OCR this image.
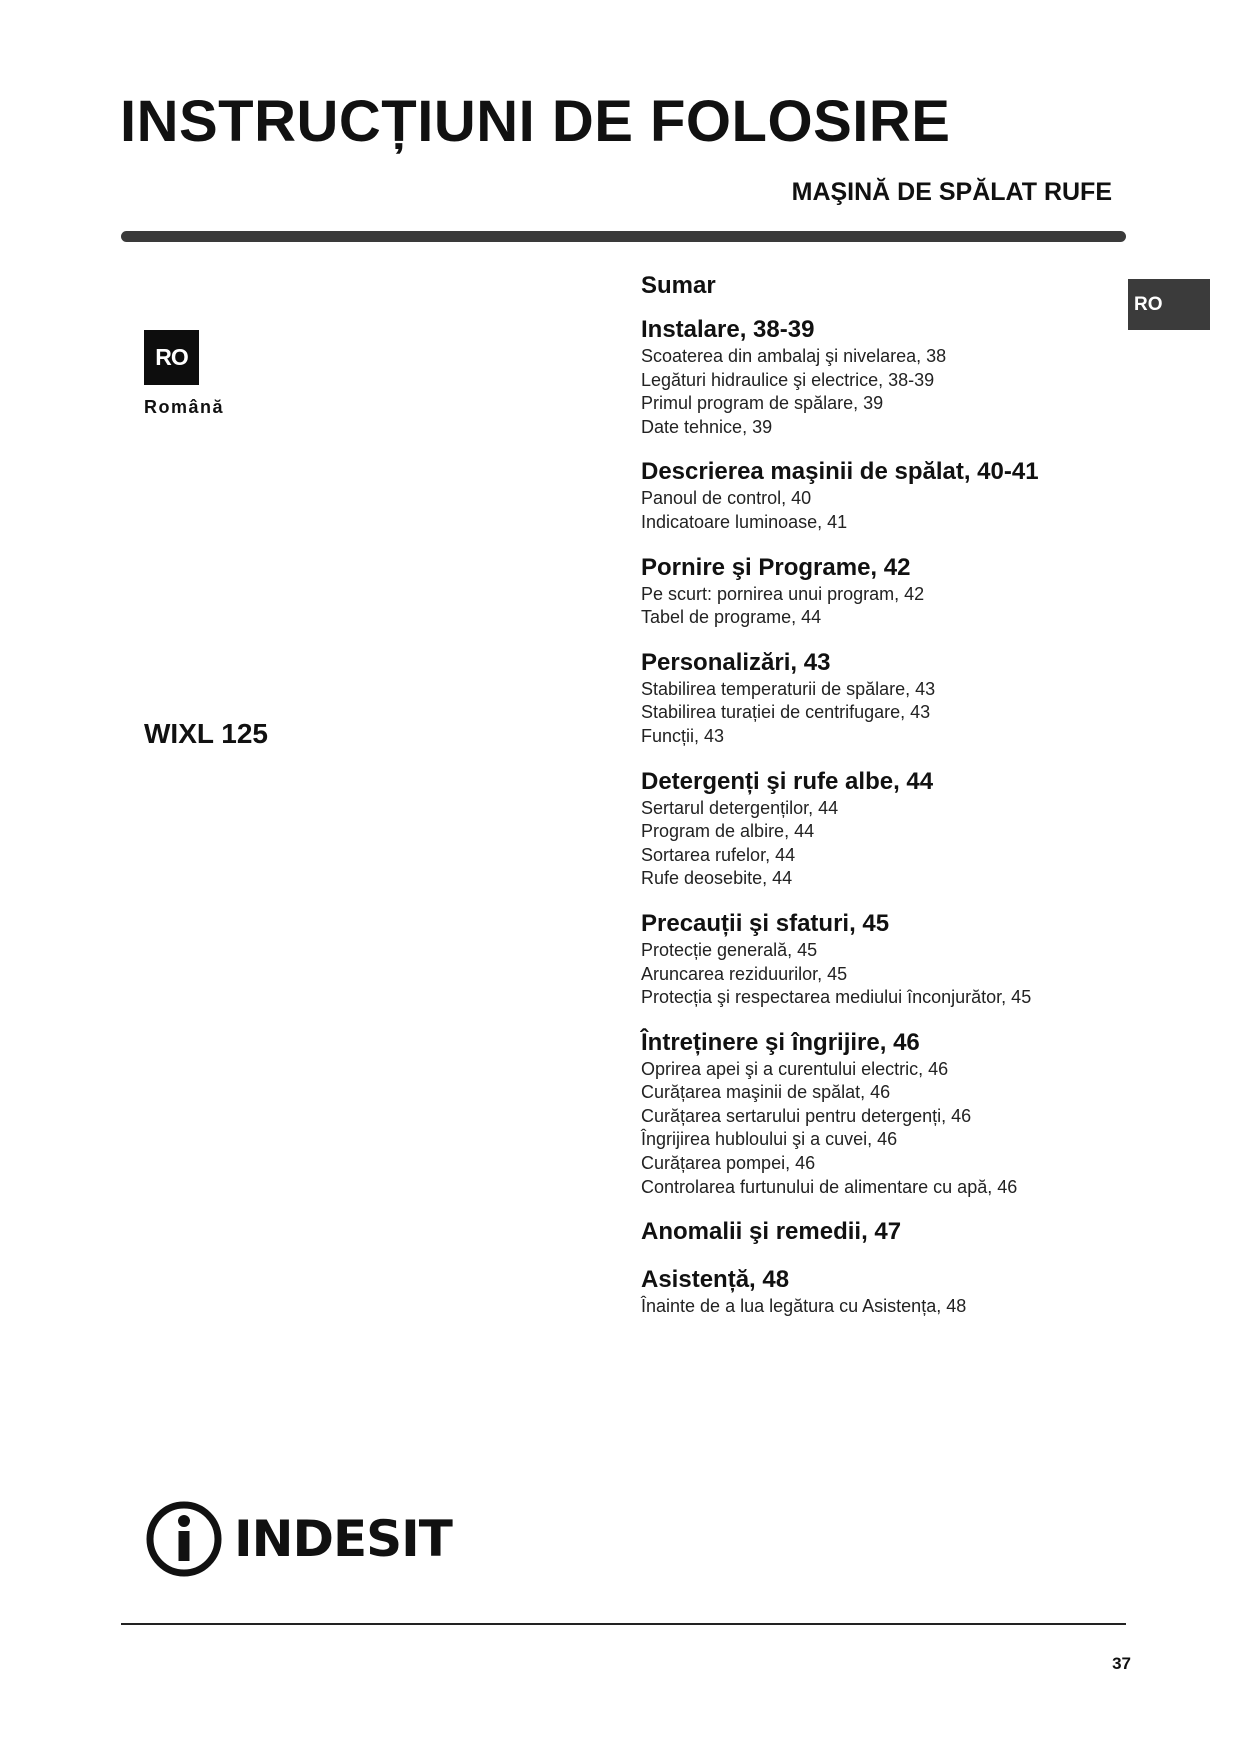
INSTRUCȚIUNI DE FOLOSIRE
MAŞINĂ DE SPĂLAT RUFE
RO
RO
Română
WIXL 125
Sumar
Instalare, 38-39
Scoaterea din ambalaj şi nivelarea, 38
Legături hidraulice şi electrice, 38-39
Primul program de spălare, 39
Date tehnice, 39
Descrierea maşinii de spălat, 40-41
Panoul de control, 40
Indicatoare luminoase, 41
Pornire şi Programe, 42
Pe scurt: pornirea unui program, 42
Tabel de programe, 44
Personalizări, 43
Stabilirea temperaturii de spălare, 43
Stabilirea turației de centrifugare, 43
Funcții, 43
Detergenți şi rufe albe, 44
Sertarul detergenților, 44
Program de albire, 44
Sortarea rufelor, 44
Rufe deosebite, 44
Precauții şi sfaturi, 45
Protecție generală, 45
Aruncarea reziduurilor, 45
Protecția şi respectarea mediului înconjurător, 45
Întreținere şi îngrijire, 46
Oprirea apei şi a curentului electric, 46
Curățarea maşinii de spălat, 46
Curățarea sertarului pentru detergenți, 46
Îngrijirea hubloului şi a cuvei, 46
Curățarea pompei, 46
Controlarea furtunului de alimentare cu apă, 46
Anomalii şi remedii, 47
Asistență, 48
Înainte de a lua legătura cu Asistența, 48
INDESIT
37
